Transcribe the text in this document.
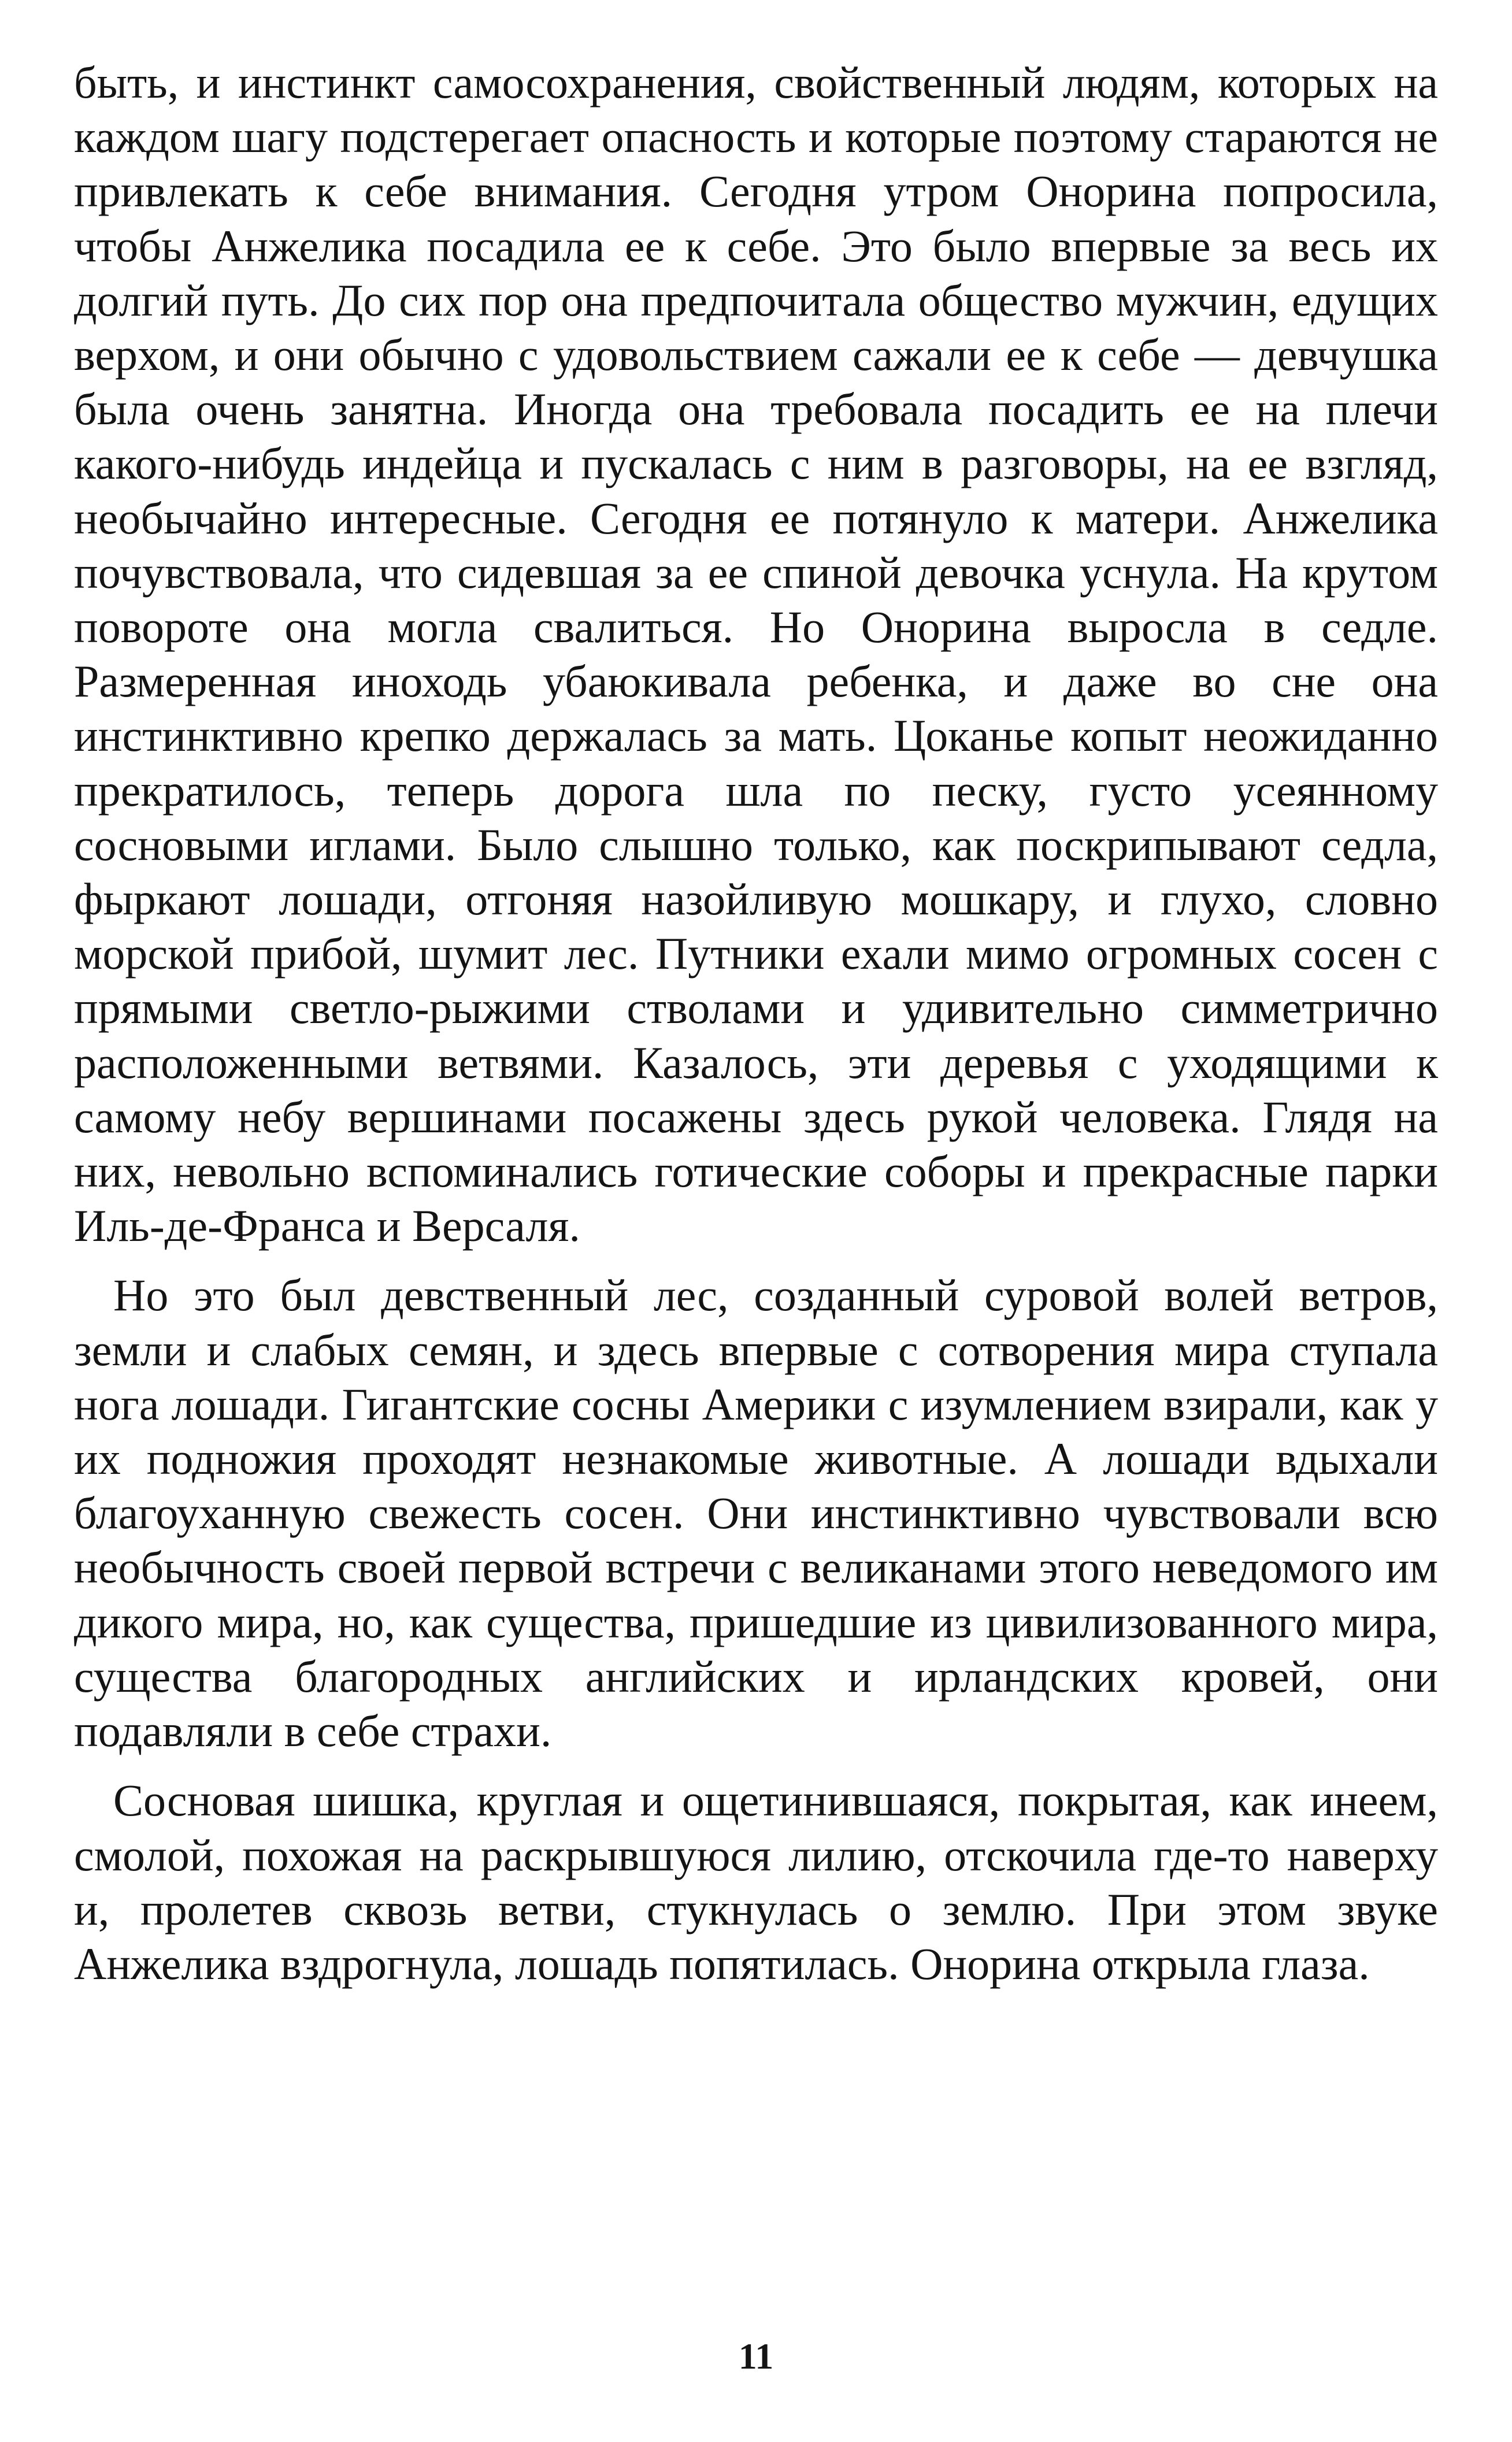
быть, и инстинкт самосохранения, свойственный людям, которых на каждом шагу подстерегает опасность и которые поэтому стараются не привлекать к себе внимания. Сегодня утром Онорина попросила, чтобы Анжелика посадила ее к себе. Это было впервые за весь их долгий путь. До сих пор она предпочитала общество мужчин, едущих верхом, и они обычно с удовольствием сажали ее к себе — девчушка была очень занятна. Иногда она требовала посадить ее на плечи какого-нибудь индейца и пускалась с ним в разговоры, на ее взгляд, необычайно интересные. Сегодня ее потянуло к матери. Анжелика почувствовала, что сидевшая за ее спиной девочка уснула. На крутом повороте она могла свалиться. Но Онорина выросла в седле. Размеренная иноходь убаюкивала ребенка, и даже во сне она инстинктивно крепко держалась за мать. Цоканье копыт неожиданно прекратилось, теперь дорога шла по песку, густо усеянному сосновыми иглами. Было слышно только, как поскрипывают седла, фыркают лошади, отгоняя назойливую мошкару, и глухо, словно морской прибой, шумит лес. Путники ехали мимо огромных сосен с прямыми светло-рыжими стволами и удивительно симметрично расположенными ветвями. Казалось, эти деревья с уходящими к самому небу вершинами посажены здесь рукой человека. Глядя на них, невольно вспоминались готические соборы и прекрасные парки Иль-де-Франса и Версаля.

Но это был девственный лес, созданный суровой волей ветров, земли и слабых семян, и здесь впервые с сотворения мира ступала нога лошади. Гигантские сосны Америки с изумлением взирали, как у их подножия проходят незнакомые животные. А лошади вдыхали благоуханную свежесть сосен. Они инстинктивно чувствовали всю необычность своей первой встречи с великанами этого неведомого им дикого мира, но, как существа, пришедшие из цивилизованного мира, существа благородных английских и ирландских кровей, они подавляли в себе страхи.

Сосновая шишка, круглая и ощетинившаяся, покрытая, как инеем, смолой, похожая на раскрывшуюся лилию, отскочила где-то наверху и, пролетев сквозь ветви, стукнулась о землю. При этом звуке Анжелика вздрогнула, лошадь попятилась. Онорина открыла глаза.

11
